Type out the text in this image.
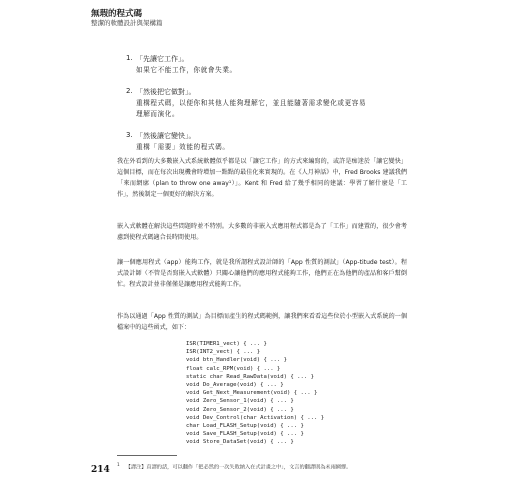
無瑕的程式碼
整潔的軟體設計與架構篇
1. 「先讓它工作」。
如果它不能工作，你就會失業。
2. 「然後把它做對」。
重構程式碼，以便你和其他人能夠理解它，並且能隨著需求變化或更容易
理解而演化。
3. 「然後讓它變快」。
重構「需要」效能的程式碼。

我在外看到的大多數嵌入式系統軟體似乎都是以「讓它工作」的方式來編寫的，或許是痴迷於「讓它變快」這個目標，而在每次出現機會時增加一點點的最佳化來實現的。在《人月神話》中，Fred Brooks 建議我們「來而網廓（plan to throw one away¹）」。Kent 和 Fred 給了幾乎相同的建議：學習了解什麼是「工作」，然後制定一個更好的解決方案。

嵌入式軟體在解決這些問題時並不特別。大多數的非嵌入式應用程式都是為了「工作」而建置的，很少會考慮到使程式碼適合長時間使用。

讓一個應用程式（app）能夠工作，就是我所謂程式設計師的「App 性質的測試」（App-titude test）。程式設計師（不管是否寫嵌入式軟體）只關心讓他們的應用程式能夠工作，他們正在為他們的產品和客戶幫倒忙。程式設計並非僅僅是讓應用程式能夠工作。

作為以通過「App 性質的測試」為目標而產生的程式碼範例，讓我們來看看這些位於小型嵌入式系統的一個檔案中的這些函式，如下：

ISR(TIMER1_vect) { ... }
ISR(INT2_vect) { ... }
void btn_Handler(void) { ... }
float calc_RPM(void) { ... }
static char Read_RawData(void) { ... }
void Do_Average(void) { ... }
void Get_Next_Measurement(void) { ... }
void Zero_Sensor_1(void) { ... }
void Zero_Sensor_2(void) { ... }
void Dev_Control(char Activation) { ... }
char Load_FLASH_Setup(void) { ... }
void Save_FLASH_Setup(void) { ... }
void Store_DataSet(void) { ... }
$^1$【譯注】直譯的話，可以翻作「把必然的一次失敗納入在式計畫之中」，文言的翻譯則為未雨綢繆。
214
